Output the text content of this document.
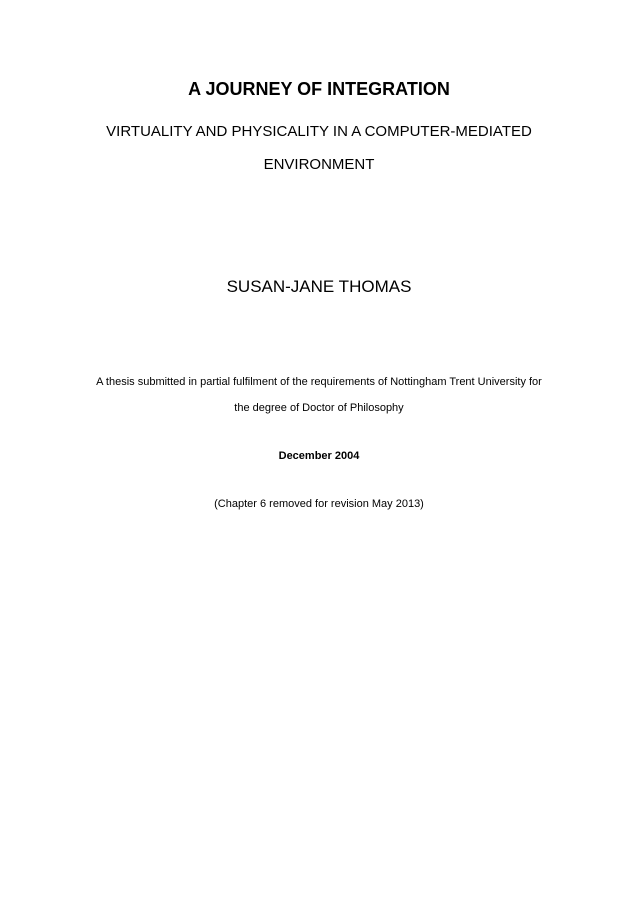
A JOURNEY OF INTEGRATION
VIRTUALITY AND PHYSICALITY IN A COMPUTER-MEDIATED
ENVIRONMENT
SUSAN-JANE THOMAS
A thesis submitted in partial fulfilment of the requirements of Nottingham Trent University for
the degree of Doctor of Philosophy
December 2004
(Chapter 6 removed for revision May 2013)
